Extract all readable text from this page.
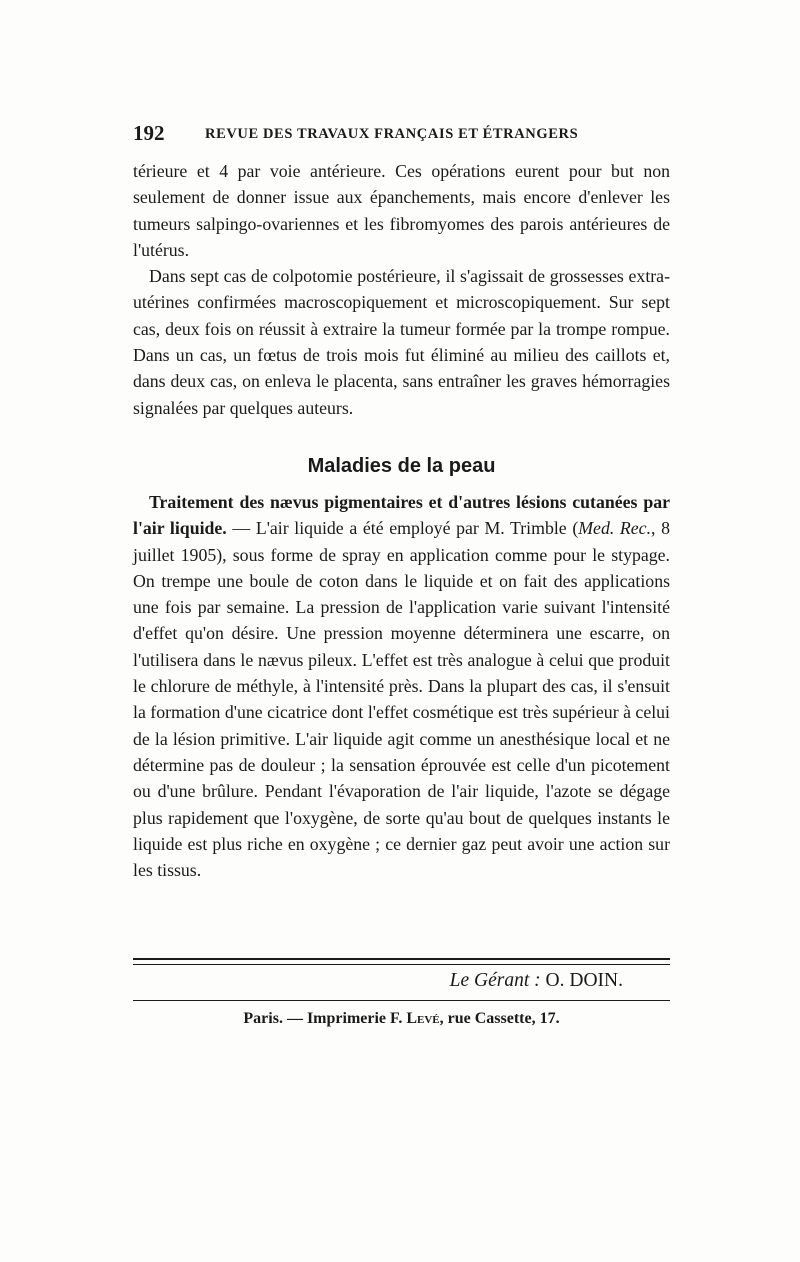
192	REVUE DES TRAVAUX FRANÇAIS ET ÉTRANGERS

térieure et 4 par voie antérieure. Ces opérations eurent pour but non seulement de donner issue aux épanchements, mais encore d'enlever les tumeurs salpingo-ovariennes et les fibromyomes des parois antérieures de l'utérus.

Dans sept cas de colpotomie postérieure, il s'agissait de grossesses extra-utérines confirmées macroscopiquement et microscopiquement. Sur sept cas, deux fois on réussit à extraire la tumeur formée par la trompe rompue. Dans un cas, un fœtus de trois mois fut éliminé au milieu des caillots et, dans deux cas, on enleva le placenta, sans entraîner les graves hémorragies signalées par quelques auteurs.

Maladies de la peau

Traitement des nævus pigmentaires et d'autres lésions cutanées par l'air liquide. — L'air liquide a été employé par M. Trimble (Med. Rec., 8 juillet 1905), sous forme de spray en application comme pour le stypage. On trempe une boule de coton dans le liquide et on fait des applications une fois par semaine. La pression de l'application varie suivant l'intensité d'effet qu'on désire. Une pression moyenne déterminera une escarre, on l'utilisera dans le nævus pileux. L'effet est très analogue à celui que produit le chlorure de méthyle, à l'intensité près. Dans la plupart des cas, il s'ensuit la formation d'une cicatrice dont l'effet cosmétique est très supérieur à celui de la lésion primitive. L'air liquide agit comme un anesthésique local et ne détermine pas de douleur ; la sensation éprouvée est celle d'un picotement ou d'une brûlure. Pendant l'évaporation de l'air liquide, l'azote se dégage plus rapidement que l'oxygène, de sorte qu'au bout de quelques instants le liquide est plus riche en oxygène ; ce dernier gaz peut avoir une action sur les tissus.

Le Gérant : O. DOIN.
Paris. — Imprimerie F. Levé, rue Cassette, 17.
